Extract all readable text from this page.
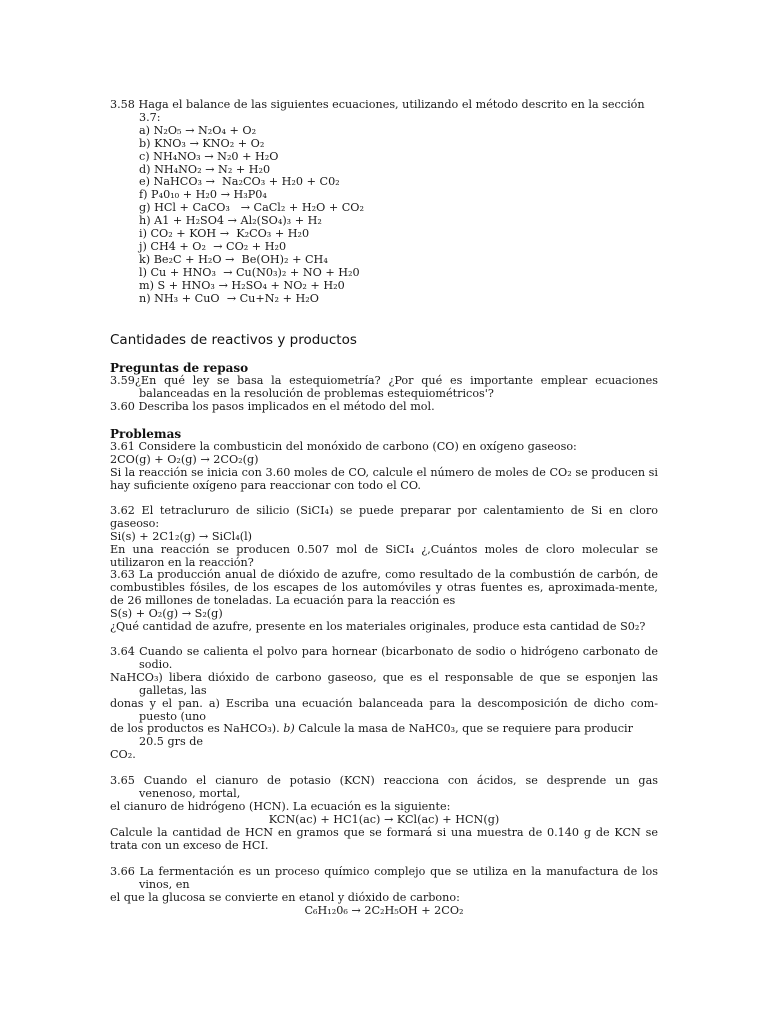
3.58 Haga el balance de las siguientes ecuaciones, utilizando el método descrito en la sección
3.7:
a) N₂O₅ → N₂O₄ + O₂
b) KNO₃ → KNO₂ + O₂
c) NH₄NO₃ → N₂0 + H₂O
d) NH₄NO₂ → N₂ + H₂0
e) NaHCO₃ →  Na₂CO₃ + H₂0 + C0₂
f) P₄0₁₀ + H₂0 → H₃P0₄
g) HCl + CaCO₃   → CaCl₂ + H₂O + CO₂
h) A1 + H₂SO4 → Al₂(SO₄)₃ + H₂
i) CO₂ + KOH →  K₂CO₃ + H₂0
j) CH4 + O₂  → CO₂ + H₂0
k) Be₂C + H₂O →  Be(OH)₂ + CH₄
l) Cu + HNO₃  → Cu(N0₃)₂ + NO + H₂0
m) S + HNO₃ → H₂SO₄ + NO₂ + H₂0
n) NH₃ + CuO  → Cu+N₂ + H₂O
Cantidades de reactivos y productos
Preguntas de repaso
3.59¿En qué ley se basa la estequiometría? ¿Por qué es importante emplear ecuaciones balanceadas en la resolución de problemas estequiométricos'?
3.60 Describa los pasos implicados en el método del mol.
Problemas
3.61 Considere la combusticin del monóxido de carbono (CO) en oxígeno gaseoso:
2CO(g) + O₂(g) → 2CO₂(g)
Si la reacción se inicia con 3.60 moles de CO, calcule el número de moles de CO₂ se producen si hay suficiente oxígeno para reaccionar con todo el CO.
3.62 El tetraclururo de silicio (SiCI₄) se puede preparar por calentamiento de Si en cloro gaseoso:
Si(s) + 2C1₂(g) → SiCl₄(l)
En una reacción se producen 0.507 mol de SiCI₄ ¿,Cuántos moles de cloro molecular se utilizaron en la reacción?
3.63 La producción anual de dióxido de azufre, como resultado de la combustión de carbón, de combustibles fósiles, de los escapes de los automóviles y otras fuentes es, aproximada-mente, de 26 millones de toneladas. La ecuación para la reacción es
S(s) + O₂(g) → S₂(g)
¿Qué cantidad de azufre, presente en los materiales originales, produce esta cantidad de S0₂?
3.64 Cuando se calienta el polvo para hornear (bicarbonato de sodio o hidrógeno carbonato de
sodio.
NaHCO₃) libera dióxido de carbono gaseoso, que es el responsable de que se esponjen las
galletas, las
donas y el pan. a) Escriba una ecuación balanceada para la descomposición de dicho com-
puesto (uno
de los productos es NaHCO₃). b) Calcule la masa de NaHC0₃, que se requiere para producir
20.5 grs de
CO₂.
3.65 Cuando el cianuro de potasio (KCN) reacciona con ácidos, se desprende un gas
venenoso, mortal,
el cianuro de hidrógeno (HCN). La ecuación es la siguiente:
KCN(ac) + HC1(ac) → KCl(ac) + HCN(g)
Calcule la cantidad de HCN en gramos que se formará si una muestra de 0.140 g de KCN se trata con un exceso de HCI.
3.66 La fermentación es un proceso químico complejo que se utiliza en la manufactura de los
vinos, en
el que la glucosa se convierte en etanol y dióxido de carbono:
C₆H₁₂0₆ → 2C₂H₅OH + 2CO₂
